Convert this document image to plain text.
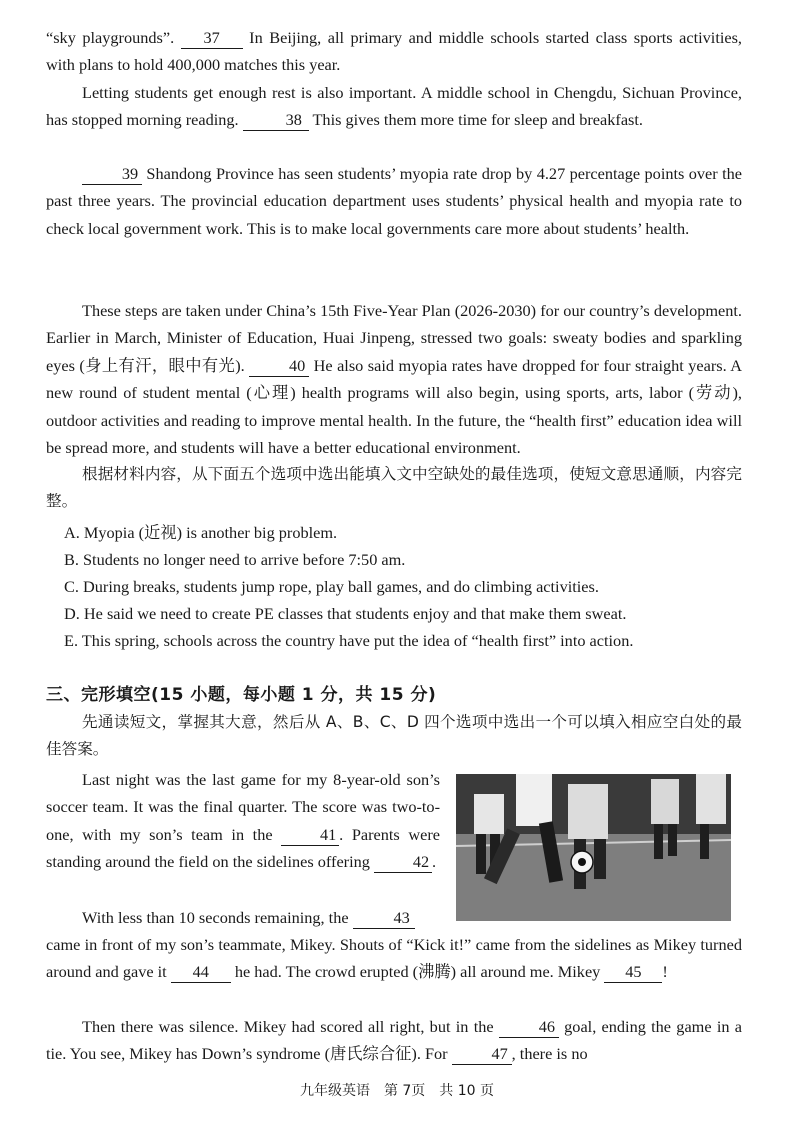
“sky playgrounds”. 37 In Beijing, all primary and middle schools started class sports activities, with plans to hold 400,000 matches this year.

Letting students get enough rest is also important. A middle school in Chengdu, Sichuan Province, has stopped morning reading.	38 This gives them more time for sleep and breakfast.

39 Shandong Province has seen students’ myopia rate drop by 4.27 percentage points over the past three years. The provincial education department uses students’ physical health and myopia rate to check local government work. This is to make local governments care more about students’ health.

These steps are taken under China’s 15th Five-Year Plan (2026-2030) for our country’s development. Earlier in March, Minister of Education, Huai Jinpeng, stressed two goals: sweaty bodies and sparkling eyes (身上有汗，眼中有光). 40 He also said myopia rates have dropped for four straight years. A new round of student mental (心理) health programs will also begin, using sports, arts, labor (劳动), outdoor activities and reading to improve mental health. In the future, the “health first” education idea will be spread more, and students will have a better educational environment.

根据材料内容，从下面五个选项中选出能填入文中空缺处的最佳选项，使短文意思通顺，内容完整。

A. Myopia (近视) is another big problem.
B. Students no longer need to arrive before 7:50 am.
C. During breaks, students jump rope, play ball games, and do climbing activities.
D. He said we need to create PE classes that students enjoy and that make them sweat.
E. This spring, schools across the country have put the idea of “health first” into action.
三、完形填空(15 小题，每小题 1 分，共 15 分)

先通读短文，掌握其大意，然后从 A、B、C、D 四个选项中选出一个可以填入相应空白处的最佳答案。

Last night was the last game for my 8-year-old son’s soccer team. It was the final quarter. The score was two-to-one, with my son’s team in the 41 . Parents were standing around the field on the sidelines offering 42 .

With less than 10 seconds remaining, the	43

came in front of my son’s teammate, Mikey. Shouts of “Kick it!” came from the sidelines as Mikey turned around and gave it 44 he had. The crowd erupted (沸腾) all around me. Mikey 45 !

Then there was silence. Mikey had scored all right, but in the 46 goal, ending the game in a tie. You see, Mikey has Down’s syndrome (唐氏综合征). For 47 , there is no

九年级英语　第 7页　共 10 页
